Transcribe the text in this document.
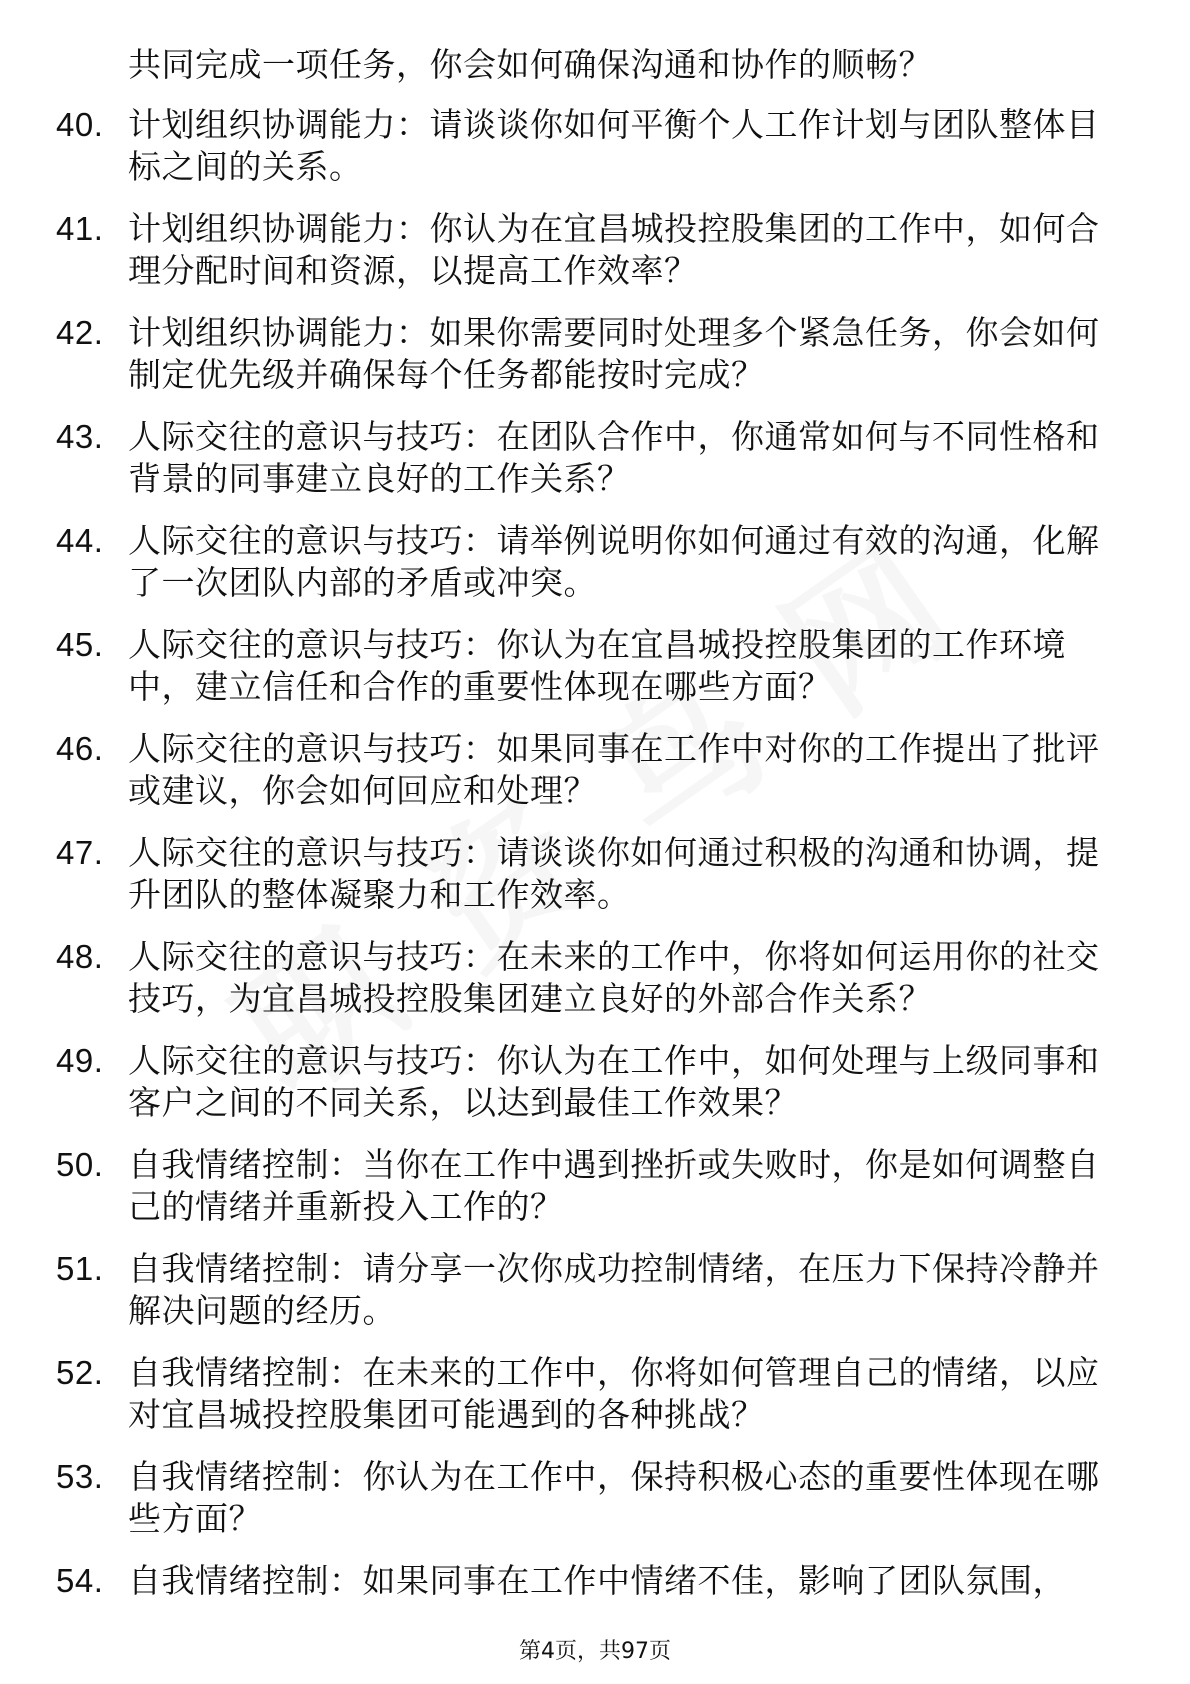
共同完成一项任务，你会如何确保沟通和协作的顺畅？
40. 计划组织协调能力：请谈谈你如何平衡个人工作计划与团队整体目标之间的关系。
41. 计划组织协调能力：你认为在宜昌城投控股集团的工作中，如何合理分配时间和资源，以提高工作效率？
42. 计划组织协调能力：如果你需要同时处理多个紧急任务，你会如何制定优先级并确保每个任务都能按时完成？
43. 人际交往的意识与技巧：在团队合作中，你通常如何与不同性格和背景的同事建立良好的工作关系？
44. 人际交往的意识与技巧：请举例说明你如何通过有效的沟通，化解了一次团队内部的矛盾或冲突。
45. 人际交往的意识与技巧：你认为在宜昌城投控股集团的工作环境中，建立信任和合作的重要性体现在哪些方面？
46. 人际交往的意识与技巧：如果同事在工作中对你的工作提出了批评或建议，你会如何回应和处理？
47. 人际交往的意识与技巧：请谈谈你如何通过积极的沟通和协调，提升团队的整体凝聚力和工作效率。
48. 人际交往的意识与技巧：在未来的工作中，你将如何运用你的社交技巧，为宜昌城投控股集团建立良好的外部合作关系？
49. 人际交往的意识与技巧：你认为在工作中，如何处理与上级同事和客户之间的不同关系，以达到最佳工作效果？
50. 自我情绪控制：当你在工作中遇到挫折或失败时，你是如何调整自己的情绪并重新投入工作的？
51. 自我情绪控制：请分享一次你成功控制情绪，在压力下保持冷静并解决问题的经历。
52. 自我情绪控制：在未来的工作中，你将如何管理自己的情绪，以应对宜昌城投控股集团可能遇到的各种挑战？
53. 自我情绪控制：你认为在工作中，保持积极心态的重要性体现在哪些方面？
54. 自我情绪控制：如果同事在工作中情绪不佳，影响了团队氛围，
第4页，共97页
